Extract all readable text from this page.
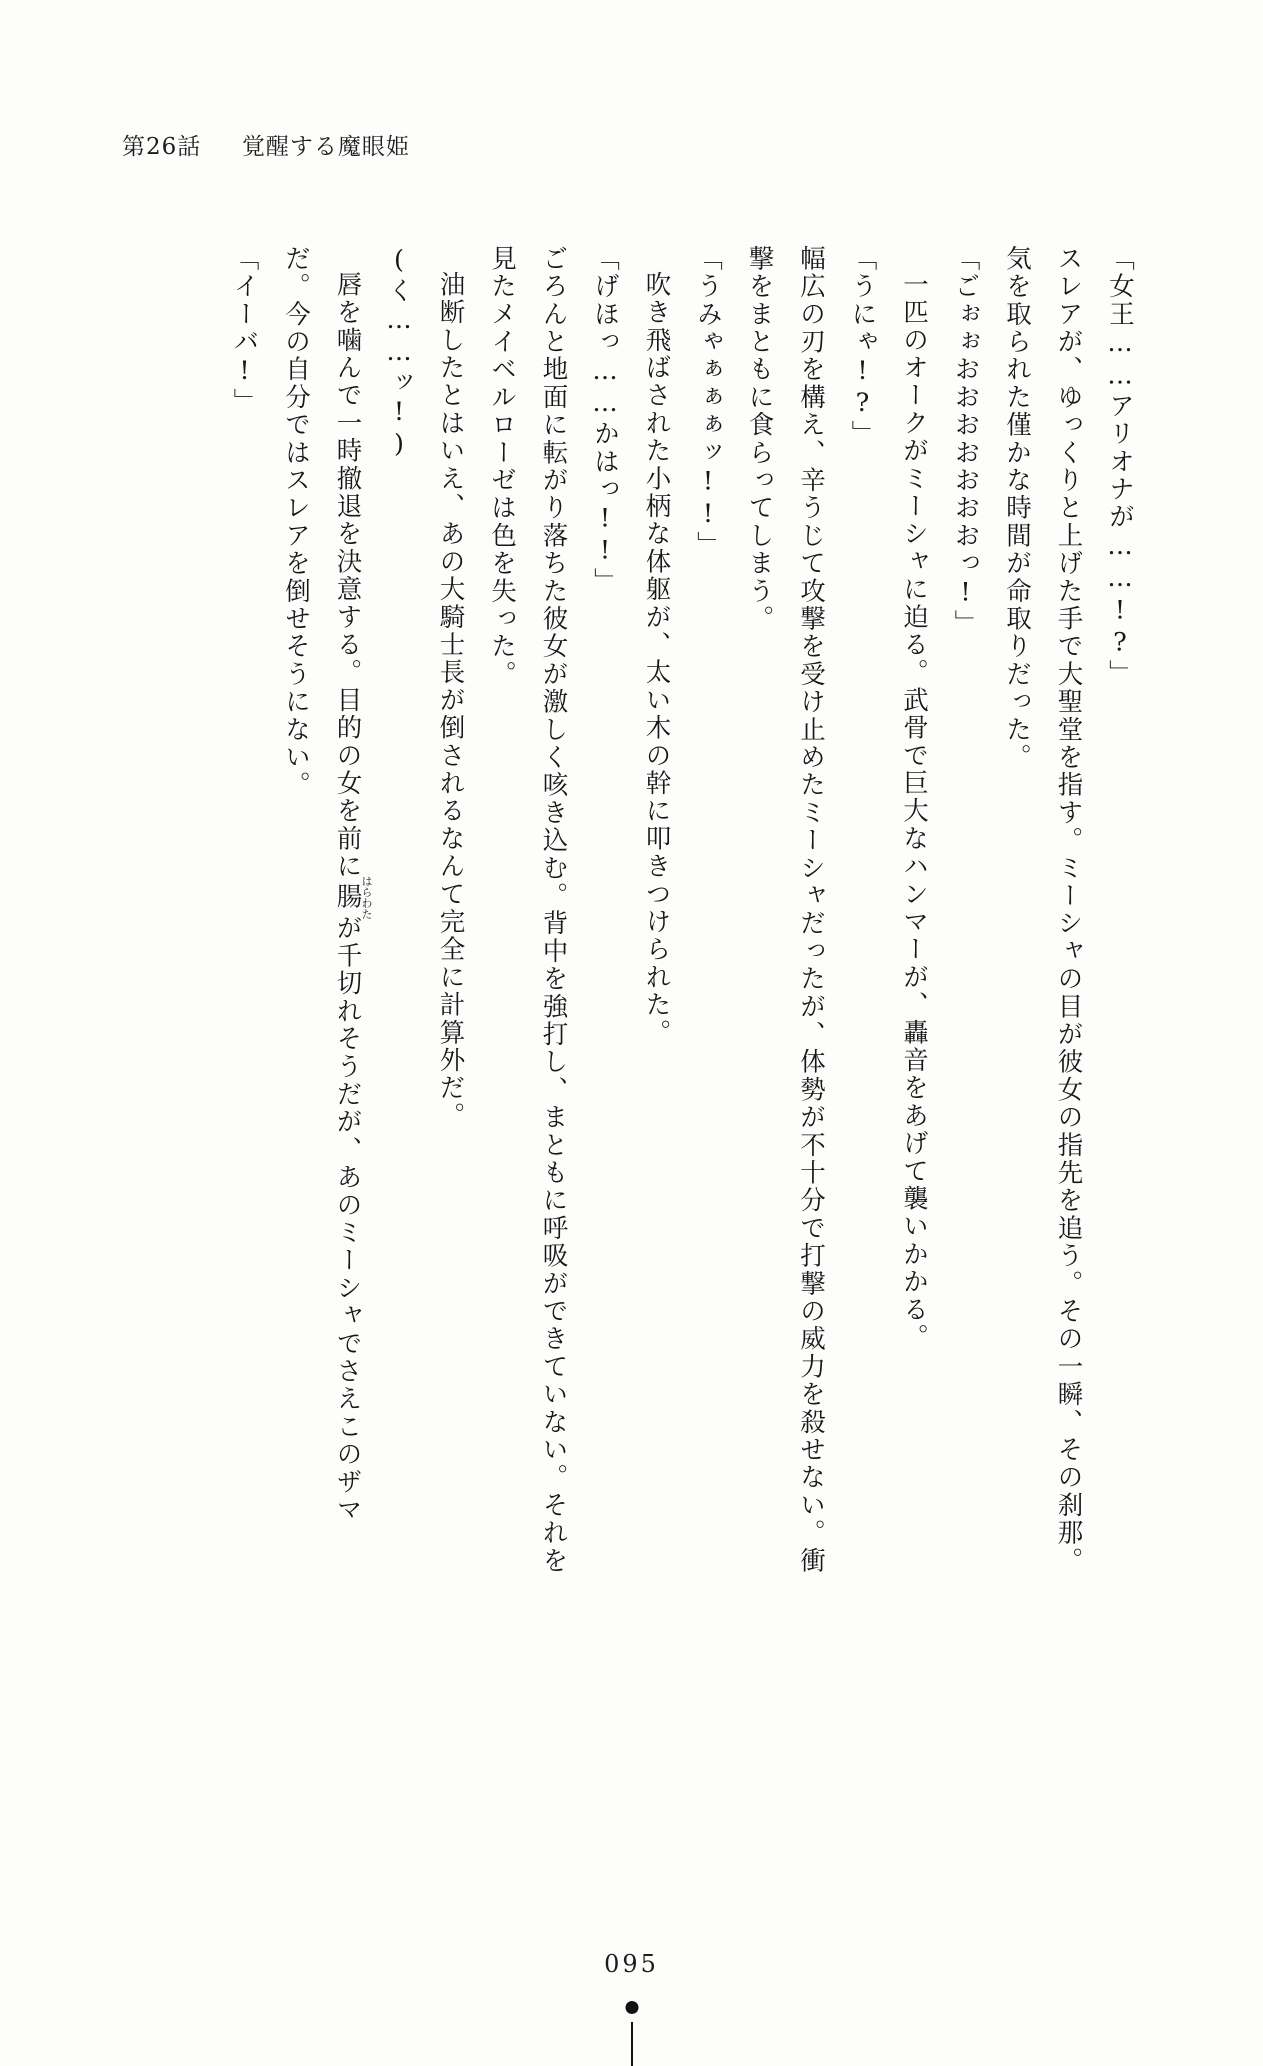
第26話 覚醒する魔眼姫

「女王……アリオナが……!?」

スレアが、ゆっくりと上げた手で大聖堂を指す。ミーシャの目が彼女の指先を追う。その一瞬、その刹那。気を取られた僅かな時間が命取りだった。

「ごぉぉおおおおおおおっ!」

一匹のオークがミーシャに迫る。武骨で巨大なハンマーが、轟音をあげて襲いかかる。

「うにゃ!?」

幅広の刃を構え、辛うじて攻撃を受け止めたミーシャだったが、体勢が不十分で打撃の威力を殺せない。衝撃をまともに食らってしまう。

「うみゃぁぁぁッ!!」

吹き飛ばされた小柄な体躯が、太い木の幹に叩きつけられた。

「げほっ……かはっ!!」

ごろんと地面に転がり落ちた彼女が激しく咳き込む。背中を強打し、まともに呼吸ができていない。それを見たメイベルローゼは色を失った。

油断したとはいえ、あの大騎士長が倒されるなんて完全に計算外だ。

(く……ッ!)

唇を噛んで一時撤退を決意する。目的の女を前に腸はらわたが千切れそうだが、あのミーシャでさえこのザマだ。今の自分ではスレアを倒せそうにない。

「イーバ!」

095
